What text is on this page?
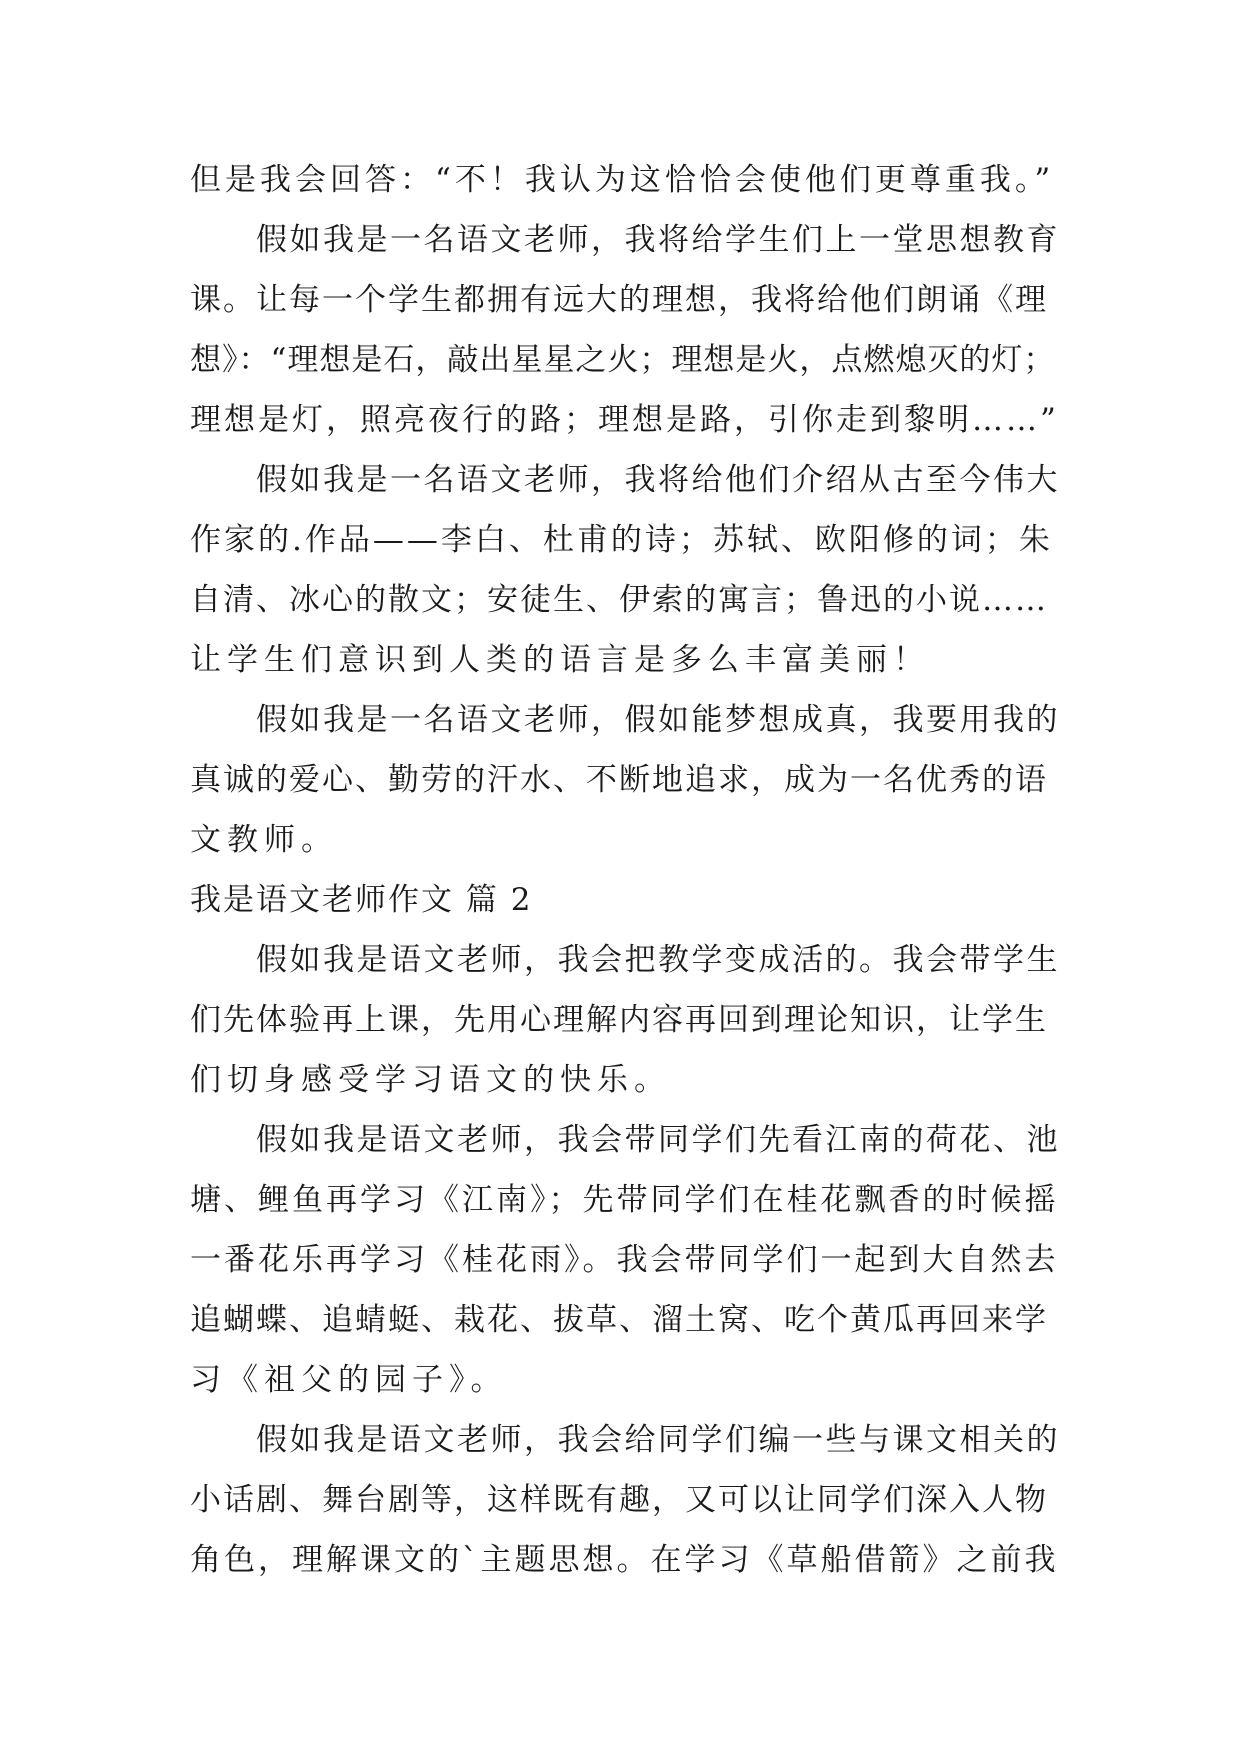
但是我会回答：“不！我认为这恰恰会使他们更尊重我。”
假如我是一名语文老师，我将给学生们上一堂思想教育
课。让每一个学生都拥有远大的理想，我将给他们朗诵《理
想》：“理想是石，敲出星星之火；理想是火，点燃熄灭的灯；
理想是灯，照亮夜行的路；理想是路，引你走到黎明……”
假如我是一名语文老师，我将给他们介绍从古至今伟大
作家的.作品——李白、杜甫的诗；苏轼、欧阳修的词；朱
自清、冰心的散文；安徒生、伊索的寓言；鲁迅的小说……
让学生们意识到人类的语言是多么丰富美丽！
假如我是一名语文老师，假如能梦想成真，我要用我的
真诚的爱心、勤劳的汗水、不断地追求，成为一名优秀的语
文教师。
我是语文老师作文 篇 2
假如我是语文老师，我会把教学变成活的。我会带学生
们先体验再上课，先用心理解内容再回到理论知识，让学生
们切身感受学习语文的快乐。
假如我是语文老师，我会带同学们先看江南的荷花、池
塘、鲤鱼再学习《江南》；先带同学们在桂花飘香的时候摇
一番花乐再学习《桂花雨》。我会带同学们一起到大自然去
追蝴蝶、追蜻蜓、栽花、拔草、溜土窝、吃个黄瓜再回来学
习《祖父的园子》。
假如我是语文老师，我会给同学们编一些与课文相关的
小话剧、舞台剧等，这样既有趣，又可以让同学们深入人物
角色，理解课文的`主题思想。在学习《草船借箭》之前我
